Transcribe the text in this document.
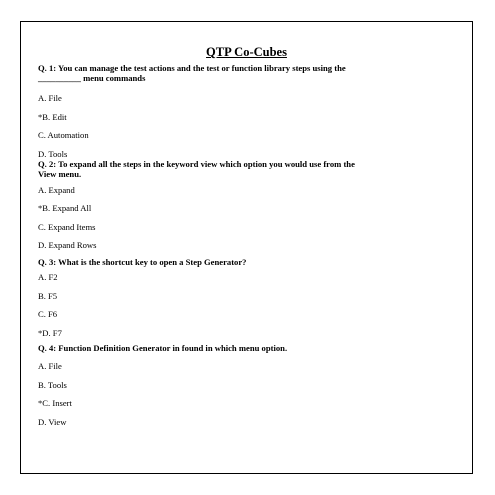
QTP Co-Cubes

Q. 1: You can manage the test actions and the test or function library steps using the
__________ menu commands

A. File

*B. Edit

C. Automation

D. Tools

Q. 2: To expand all the steps in the keyword view which option you would use from the
View menu.

A. Expand

*B. Expand All

C. Expand Items

D. Expand Rows

Q. 3: What is the shortcut key to open a Step Generator?

A. F2

B. F5

C. F6

*D. F7

Q. 4: Function Definition Generator in found in which menu option.

A. File

B. Tools

*C. Insert

D. View
